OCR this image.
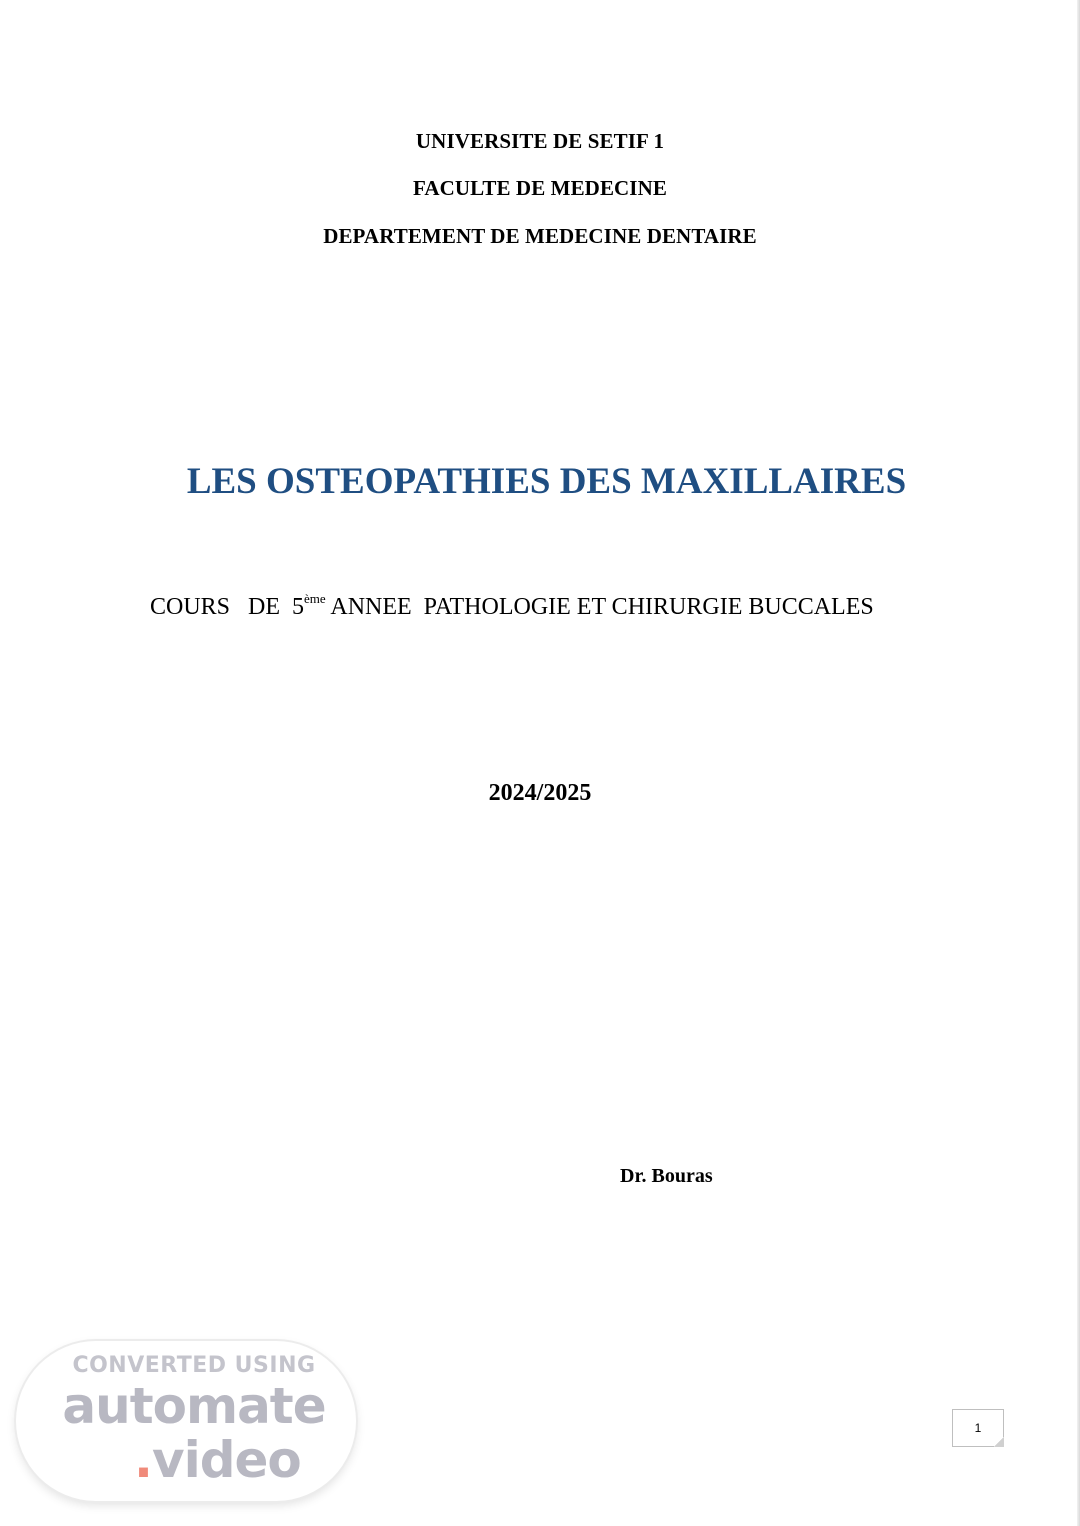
UNIVERSITE DE SETIF 1
FACULTE DE MEDECINE
DEPARTEMENT DE MEDECINE DENTAIRE
LES OSTEOPATHIES DES MAXILLAIRES
COURS   DE  5ème ANNEE  PATHOLOGIE ET CHIRURGIE BUCCALES
2024/2025
Dr. Bouras
CONVERTED USING
automate
.video
1
